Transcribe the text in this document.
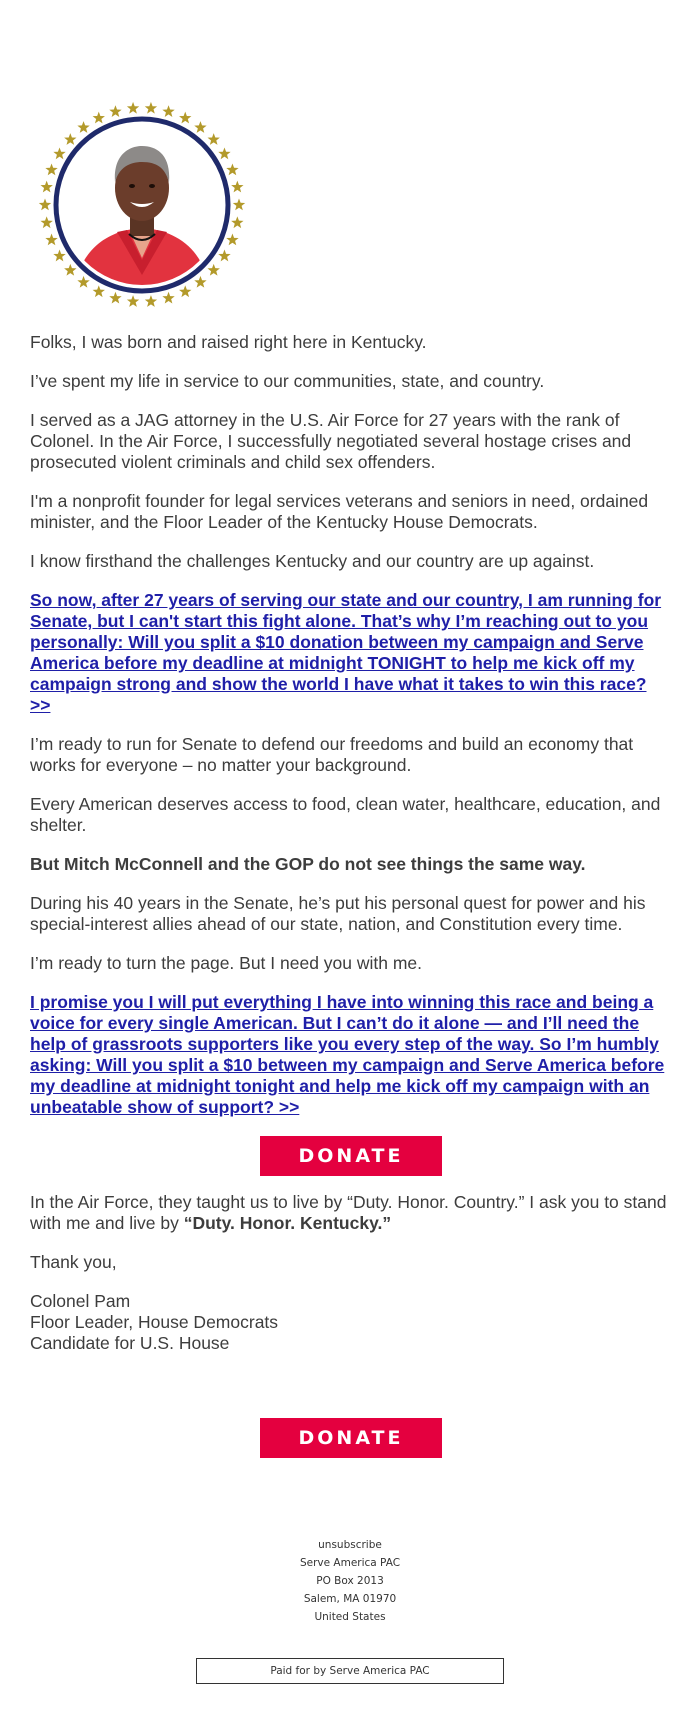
Folks, I was born and raised right here in Kentucky.

I’ve spent my life in service to our communities, state, and country.

I served as a JAG attorney in the U.S. Air Force for 27 years with the rank of Colonel. In the Air Force, I successfully negotiated several hostage crises and prosecuted violent criminals and child sex offenders.

I'm a nonprofit founder for legal services veterans and seniors in need, ordained minister, and the Floor Leader of the Kentucky House Democrats.

I know firsthand the challenges Kentucky and our country are up against.

So now, after 27 years of serving our state and our country, I am running for Senate, but I can't start this fight alone. That’s why I’m reaching out to you personally: Will you split a $10 donation between my campaign and Serve America before my deadline at midnight TONIGHT to help me kick off my campaign strong and show the world I have what it takes to win this race? >>

I’m ready to run for Senate to defend our freedoms and build an economy that works for everyone – no matter your background.

Every American deserves access to food, clean water, healthcare, education, and shelter.

But Mitch McConnell and the GOP do not see things the same way.

During his 40 years in the Senate, he’s put his personal quest for power and his special-interest allies ahead of our state, nation, and Constitution every time.

I’m ready to turn the page. But I need you with me.

I promise you I will put everything I have into winning this race and being a voice for every single American. But I can’t do it alone — and I’ll need the help of grassroots supporters like you every step of the way. So I’m humbly asking: Will you split a $10 between my campaign and Serve America before my deadline at midnight tonight and help me kick off my campaign with an unbeatable show of support? >>

DONATE

In the Air Force, they taught us to live by “Duty. Honor. Country.” I ask you to stand with me and live by “Duty. Honor. Kentucky.”

Thank you,

Colonel Pam
Floor Leader, House Democrats
Candidate for U.S. House
DONATE
unsubscribe
Serve America PAC
PO Box 2013
Salem, MA 01970
United States
Paid for by Serve America PAC
